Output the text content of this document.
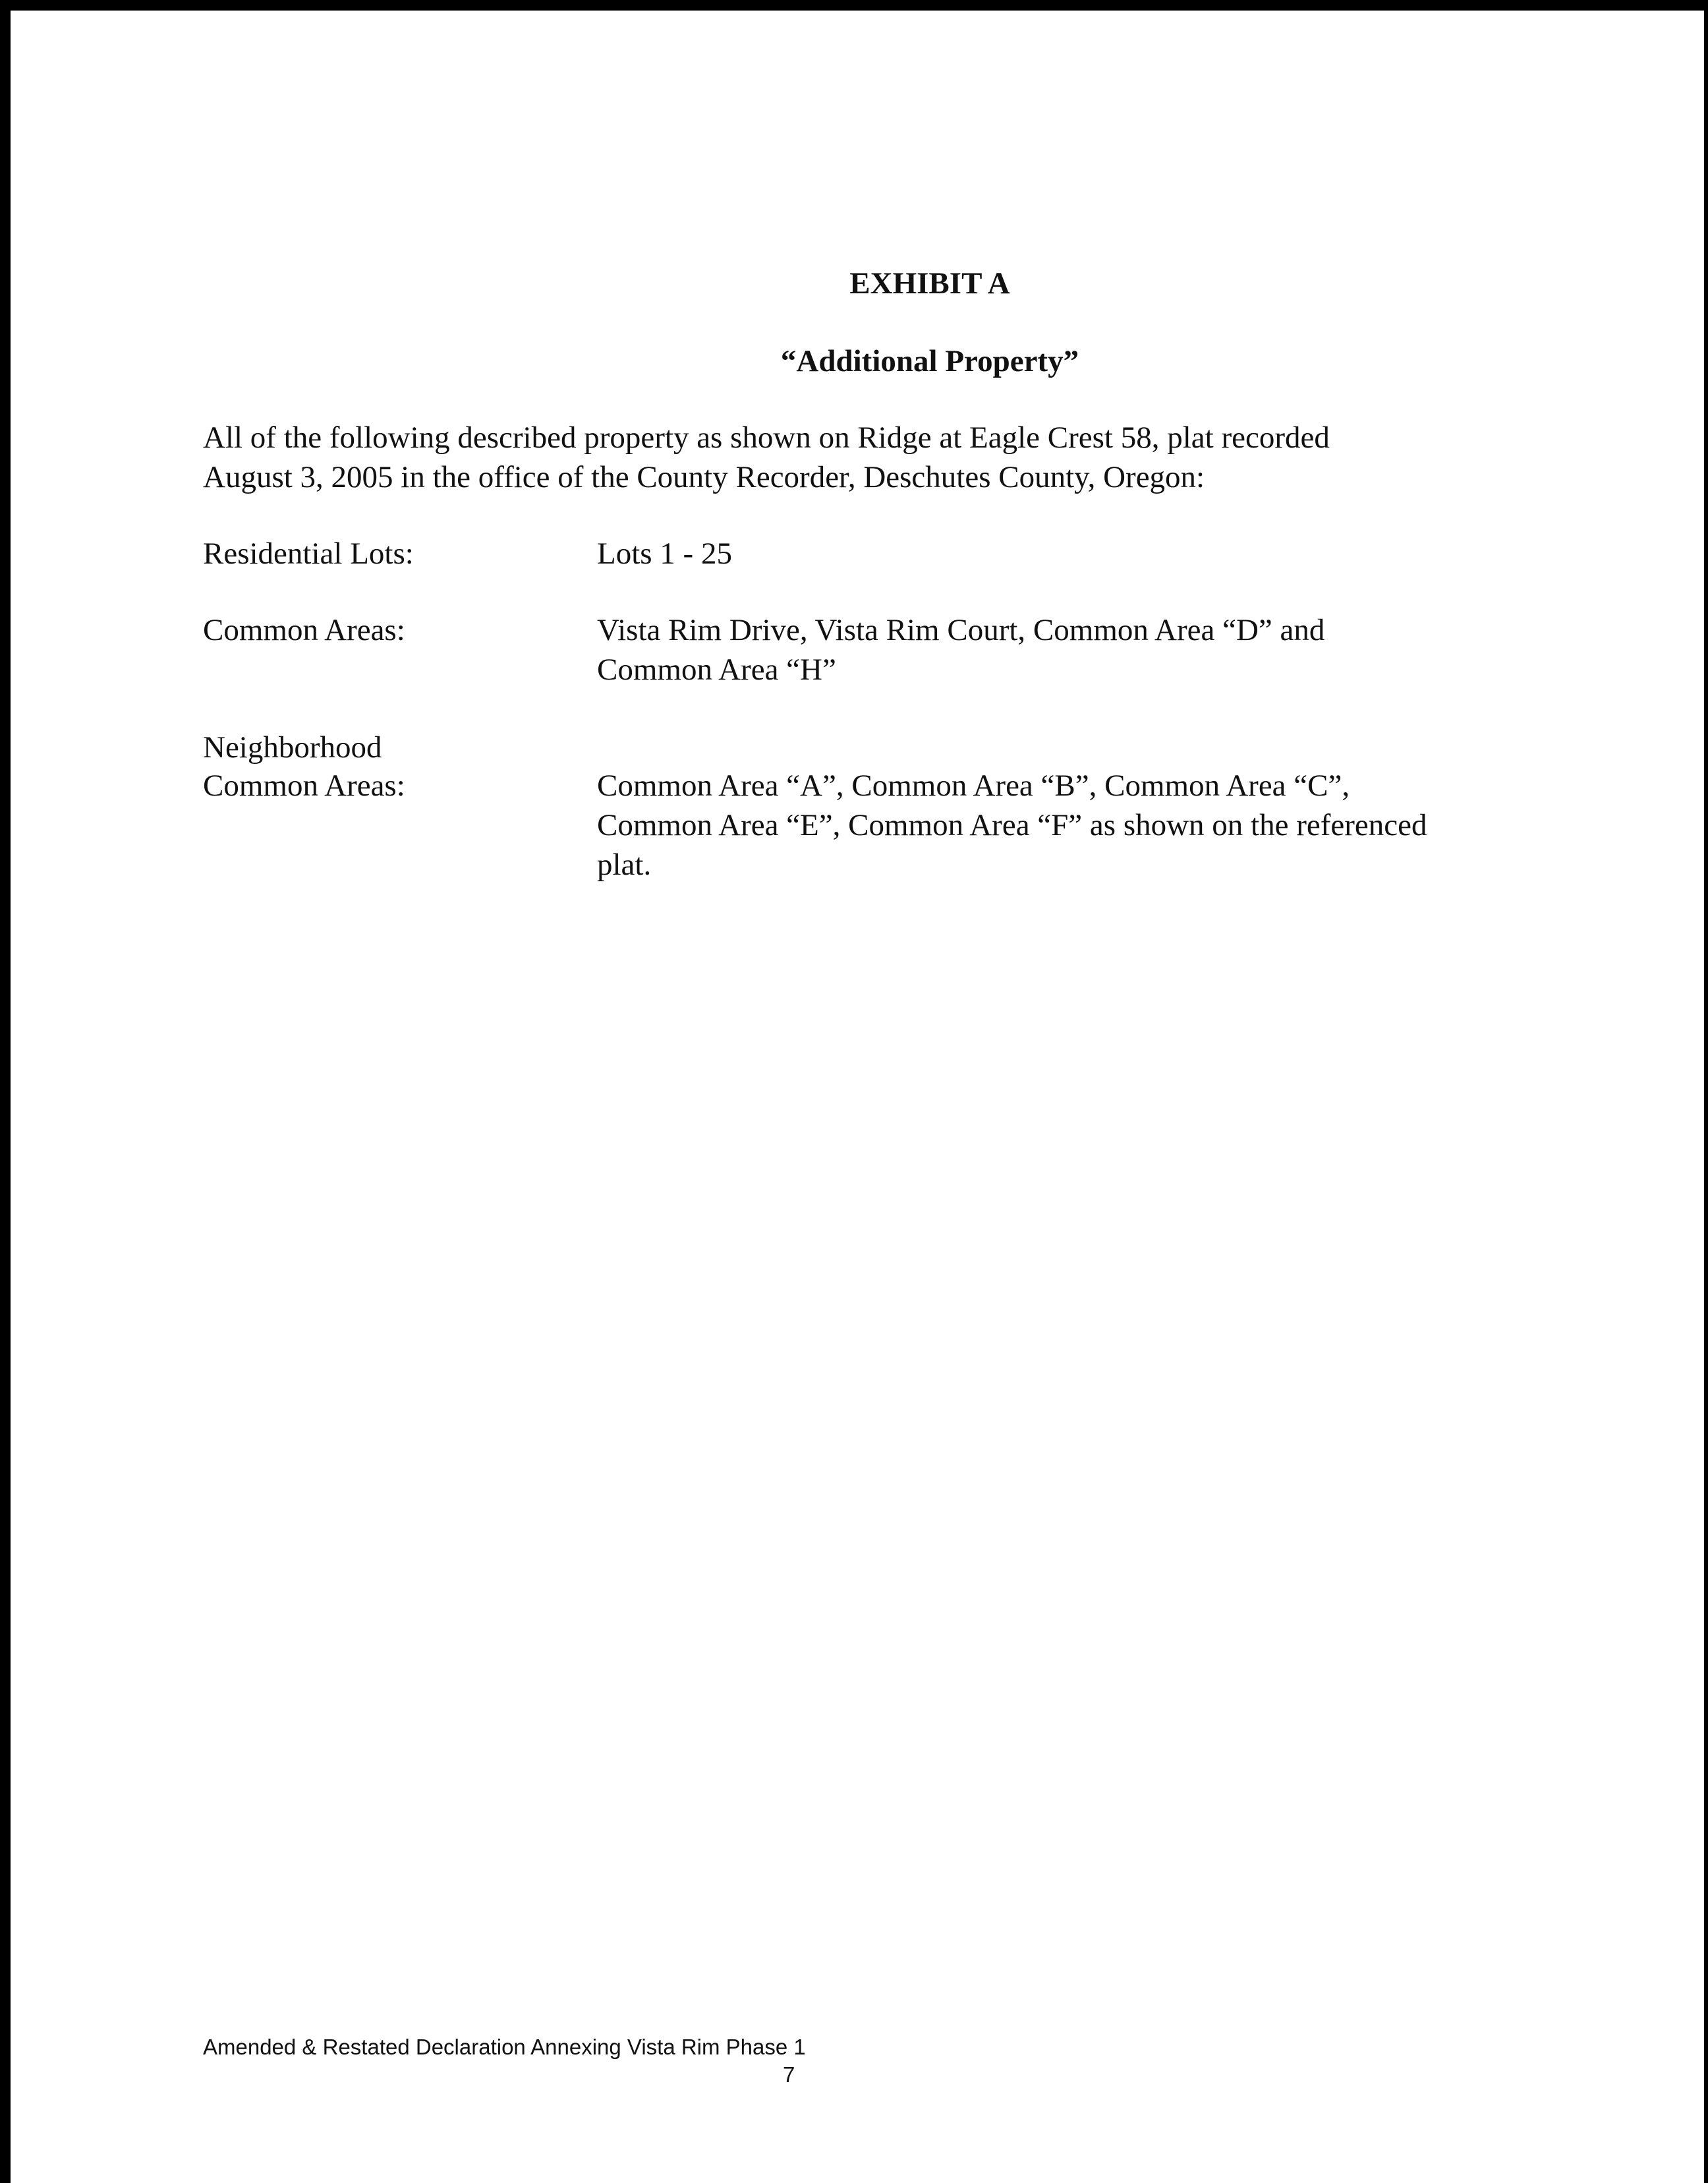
EXHIBIT A
“Additional Property”
All of the following described property as shown on Ridge at Eagle Crest 58, plat recorded
August 3, 2005 in the office of the County Recorder, Deschutes County, Oregon:
Residential Lots:	Lots 1 - 25
Common Areas:	Vista Rim Drive, Vista Rim Court, Common Area “D” and
Common Area “H”
Neighborhood
Common Areas:	Common Area “A”, Common Area “B”, Common Area “C”,
Common Area “E”, Common Area “F” as shown on the referenced
plat.
Amended & Restated Declaration Annexing Vista Rim Phase 1
7
